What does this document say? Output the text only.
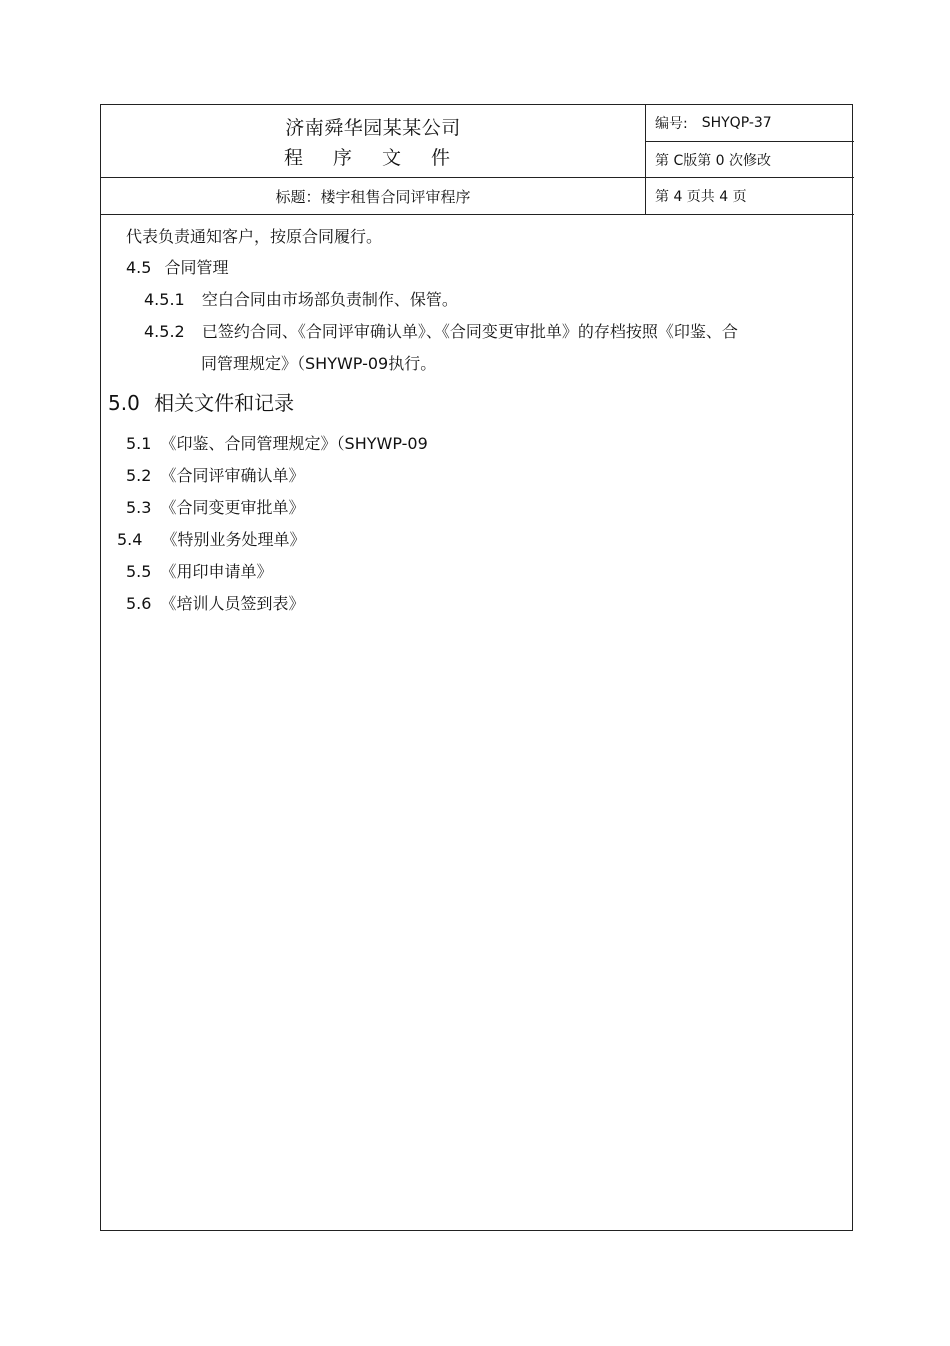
济南舜华园某某公司
程 序 文 件
编号: SHYQP-37
第 C版第 0 次修改
标题：楼宇租售合同评审程序	第 4 页共 4 页
代表负责通知客户，按原合同履行。
4.5 合同管理
4.5.1 空白合同由市场部负责制作、保管。
4.5.2 已签约合同、《合同评审确认单》、《合同变更审批单》的存档按照《印鉴、合
同管理规定》（SHYWP-09执行。
5.0 相关文件和记录
5.1 《印鉴、合同管理规定》（SHYWP-09
5.2 《合同评审确认单》
5.3 《合同变更审批单》
5.4 《特别业务处理单》
5.5 《用印申请单》
5.6 《培训人员签到表》
